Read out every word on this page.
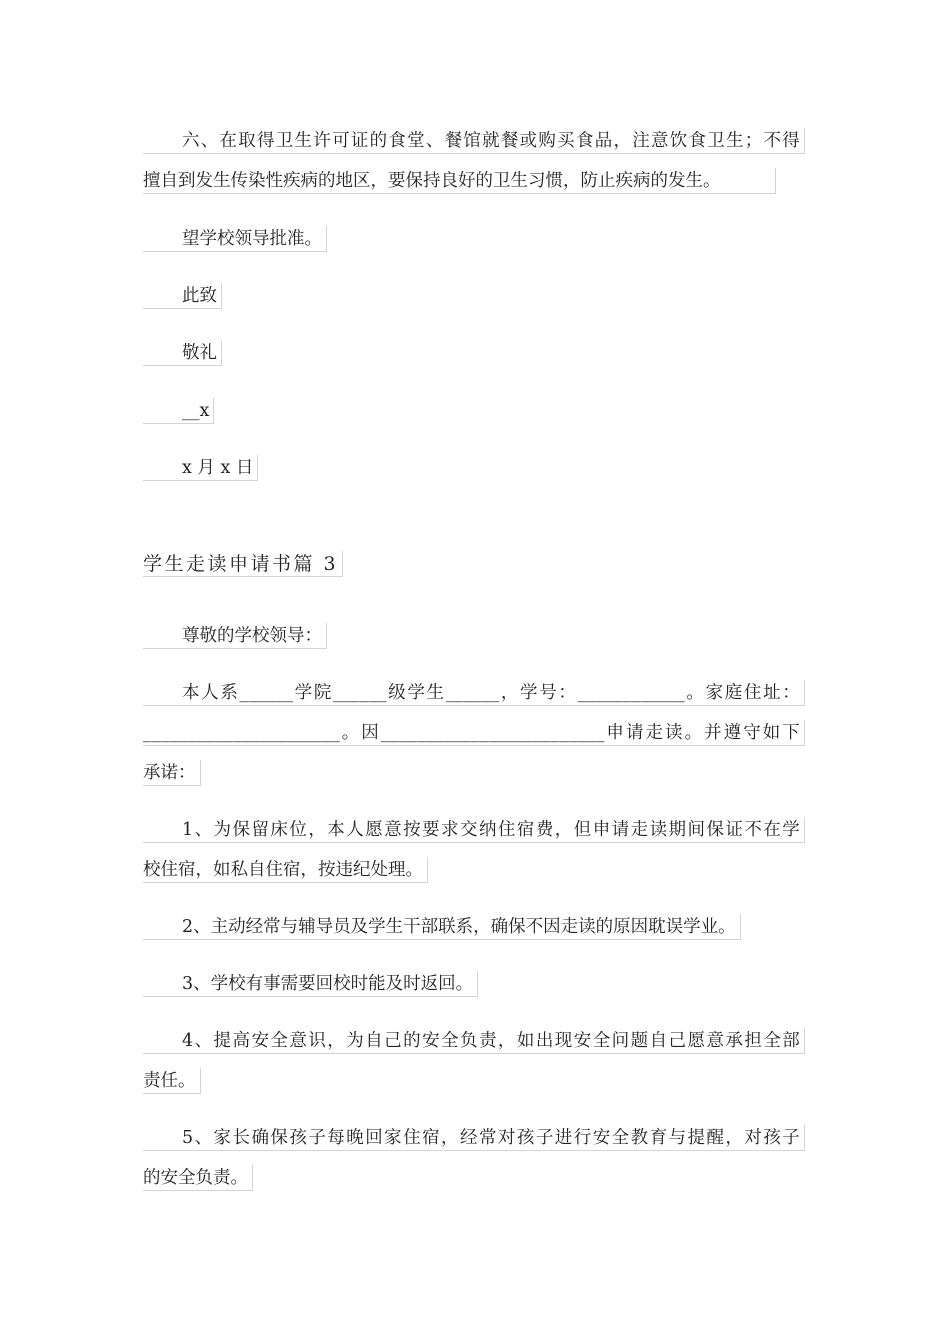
六、在取得卫生许可证的食堂、餐馆就餐或购买食品，注意饮食卫生；不得
擅自到发生传染性疾病的地区，要保持良好的卫生习惯，防止疾病的发生。
望学校领导批准。
此致
敬礼
__x
x 月 x 日
学生走读申请书篇 3
尊敬的学校领导：
本人系______学院______级学生______，学号：____________。家庭住址：
______________________。因_________________________申请走读。并遵守如下
承诺：
1、为保留床位，本人愿意按要求交纳住宿费，但申请走读期间保证不在学
校住宿，如私自住宿，按违纪处理。
2、主动经常与辅导员及学生干部联系，确保不因走读的原因耽误学业。
3、学校有事需要回校时能及时返回。
4、提高安全意识，为自己的安全负责，如出现安全问题自己愿意承担全部
责任。
5、家长确保孩子每晚回家住宿，经常对孩子进行安全教育与提醒，对孩子
的安全负责。
